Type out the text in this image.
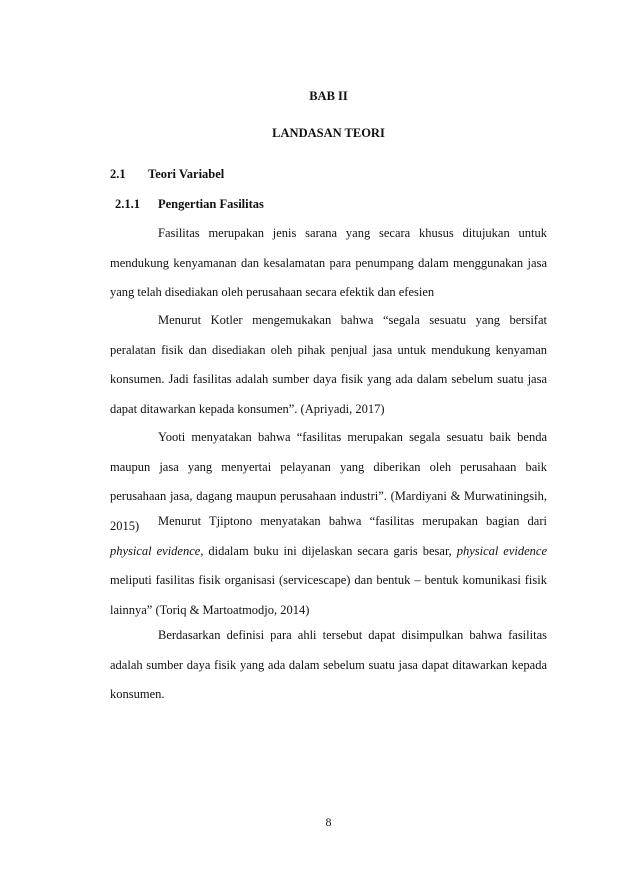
BAB II
LANDASAN TEORI
2.1 Teori Variabel
2.1.1 Pengertian Fasilitas

Fasilitas merupakan jenis sarana yang secara khusus ditujukan untuk mendukung kenyamanan dan kesalamatan para penumpang dalam menggunakan jasa yang telah disediakan oleh perusahaan secara efektik dan efesien

Menurut Kotler mengemukakan bahwa “segala sesuatu yang bersifat peralatan fisik dan disediakan oleh pihak penjual jasa untuk mendukung kenyaman konsumen. Jadi fasilitas adalah sumber daya fisik yang ada dalam sebelum suatu jasa dapat ditawarkan kepada konsumen”. (Apriyadi, 2017)

Yooti menyatakan bahwa “fasilitas merupakan segala sesuatu baik benda maupun jasa yang menyertai pelayanan yang diberikan oleh perusahaan baik perusahaan jasa, dagang maupun perusahaan industri”. (Mardiyani & Murwatiningsih, 2015)	Menurut Tjiptono menyatakan bahwa “fasilitas merupakan bagian dari physical evidence, didalam buku ini dijelaskan secara garis besar, physical evidence meliputi fasilitas fisik organisasi (servicescape) dan bentuk – bentuk komunikasi fisik lainnya” (Toriq & Martoatmodjo, 2014)

Berdasarkan definisi para ahli tersebut dapat disimpulkan bahwa fasilitas adalah sumber daya fisik yang ada dalam sebelum suatu jasa dapat ditawarkan kepada konsumen.

8
